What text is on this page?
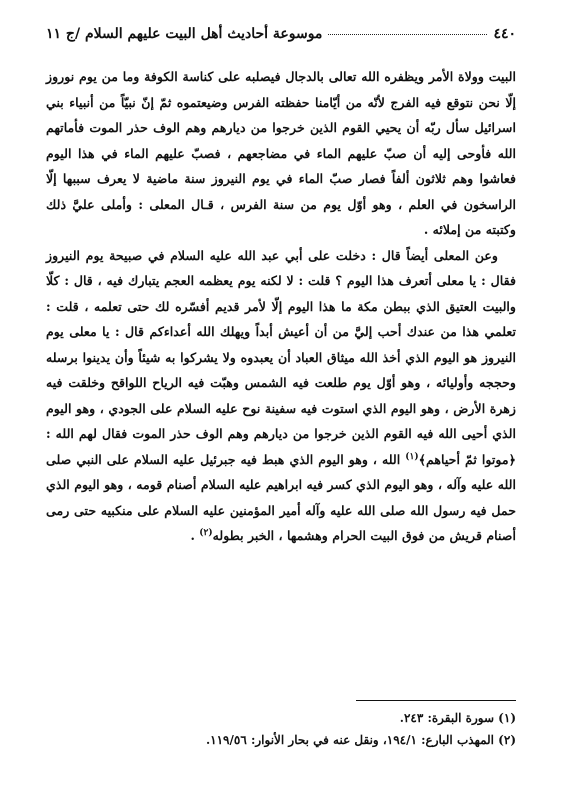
٤٤٠
موسوعة أحاديث أهل البيت عليهم السلام /ج ١١

البيت وولاة الأمر ويظفره الله تعالى بالدجال فيصلبه على كناسة الكوفة وما من يوم نوروز إلّا نحن نتوقع فيه الفرج لأنّه من أيّامنا حفظته الفرس وضيعتموه ثمّ إنّ نبيّاً من أنبياء بني اسرائيل سأل ربّه أن يحيي القوم الذين خرجوا من ديارهم وهم الوف حذر الموت فأماتهم الله فأوحى إليه أن صبّ عليهم الماء في مضاجعهم ، فصبّ عليهم الماء في هذا اليوم فعاشوا وهم ثلاثون ألفاً فصار صبّ الماء في يوم النيروز سنة ماضية لا يعرف سببها إلّا الراسخون في العلم ، وهو أوّل يوم من سنة الفرس ، قـال المعلى : وأملى عليَّ ذلك وكتبته من إملائه .

وعن المعلى أيضاً قال : دخلت على أبي عبد الله عليه السلام في صبيحة يوم النيروز فقال : يا معلى أتعرف هذا اليوم ؟ قلت : لا لكنه يوم يعظمه العجم يتبارك فيه ، قال : كلّا والبيت العتيق الذي ببطن مكة ما هذا اليوم إلّا لأمر قديم أفسّره لك حتى تعلمه ، قلت : تعلمي هذا من عندك أحب إليَّ من أن أعيش أبداً ويهلك الله أعداءكم قال : يا معلى يوم النيروز هو اليوم الذي أخذ الله ميثاق العباد أن يعبدوه ولا يشركوا به شيئاً وأن يدينوا برسله وحججه وأوليائه ، وهو أوّل يوم طلعت فيه الشمس وهبّت فيه الرياح اللواقح وخلقت فيه زهرة الأرض ، وهو اليوم الذي استوت فيه سفينة نوح عليه السلام على الجودي ، وهو اليوم الذي أحيى الله فيه القوم الذين خرجوا من ديارهم وهم الوف حذر الموت فقال لهم الله : ﴿موتوا ثمّ أحياهم﴾$^{(١)}$ الله ، وهو اليوم الذي هبط فيه جبرئيل عليه السلام على النبي صلى الله عليه وآله ، وهو اليوم الذي كسر فيه ابراهيم عليه السلام أصنام قومه ، وهو اليوم الذي حمل فيه رسول الله صلى الله عليه وآله أمير المؤمنين عليه السلام على منكبيه حتى رمى أصنام قريش من فوق البيت الحرام وهشمها ، الخبر بطوله$^{(٢)}$ .

(١) سورة البقرة: ٢٤٣.

(٢) المهذب البارع: ١٩٤/١، ونقل عنه في بحار الأنوار: ١١٩/٥٦.
